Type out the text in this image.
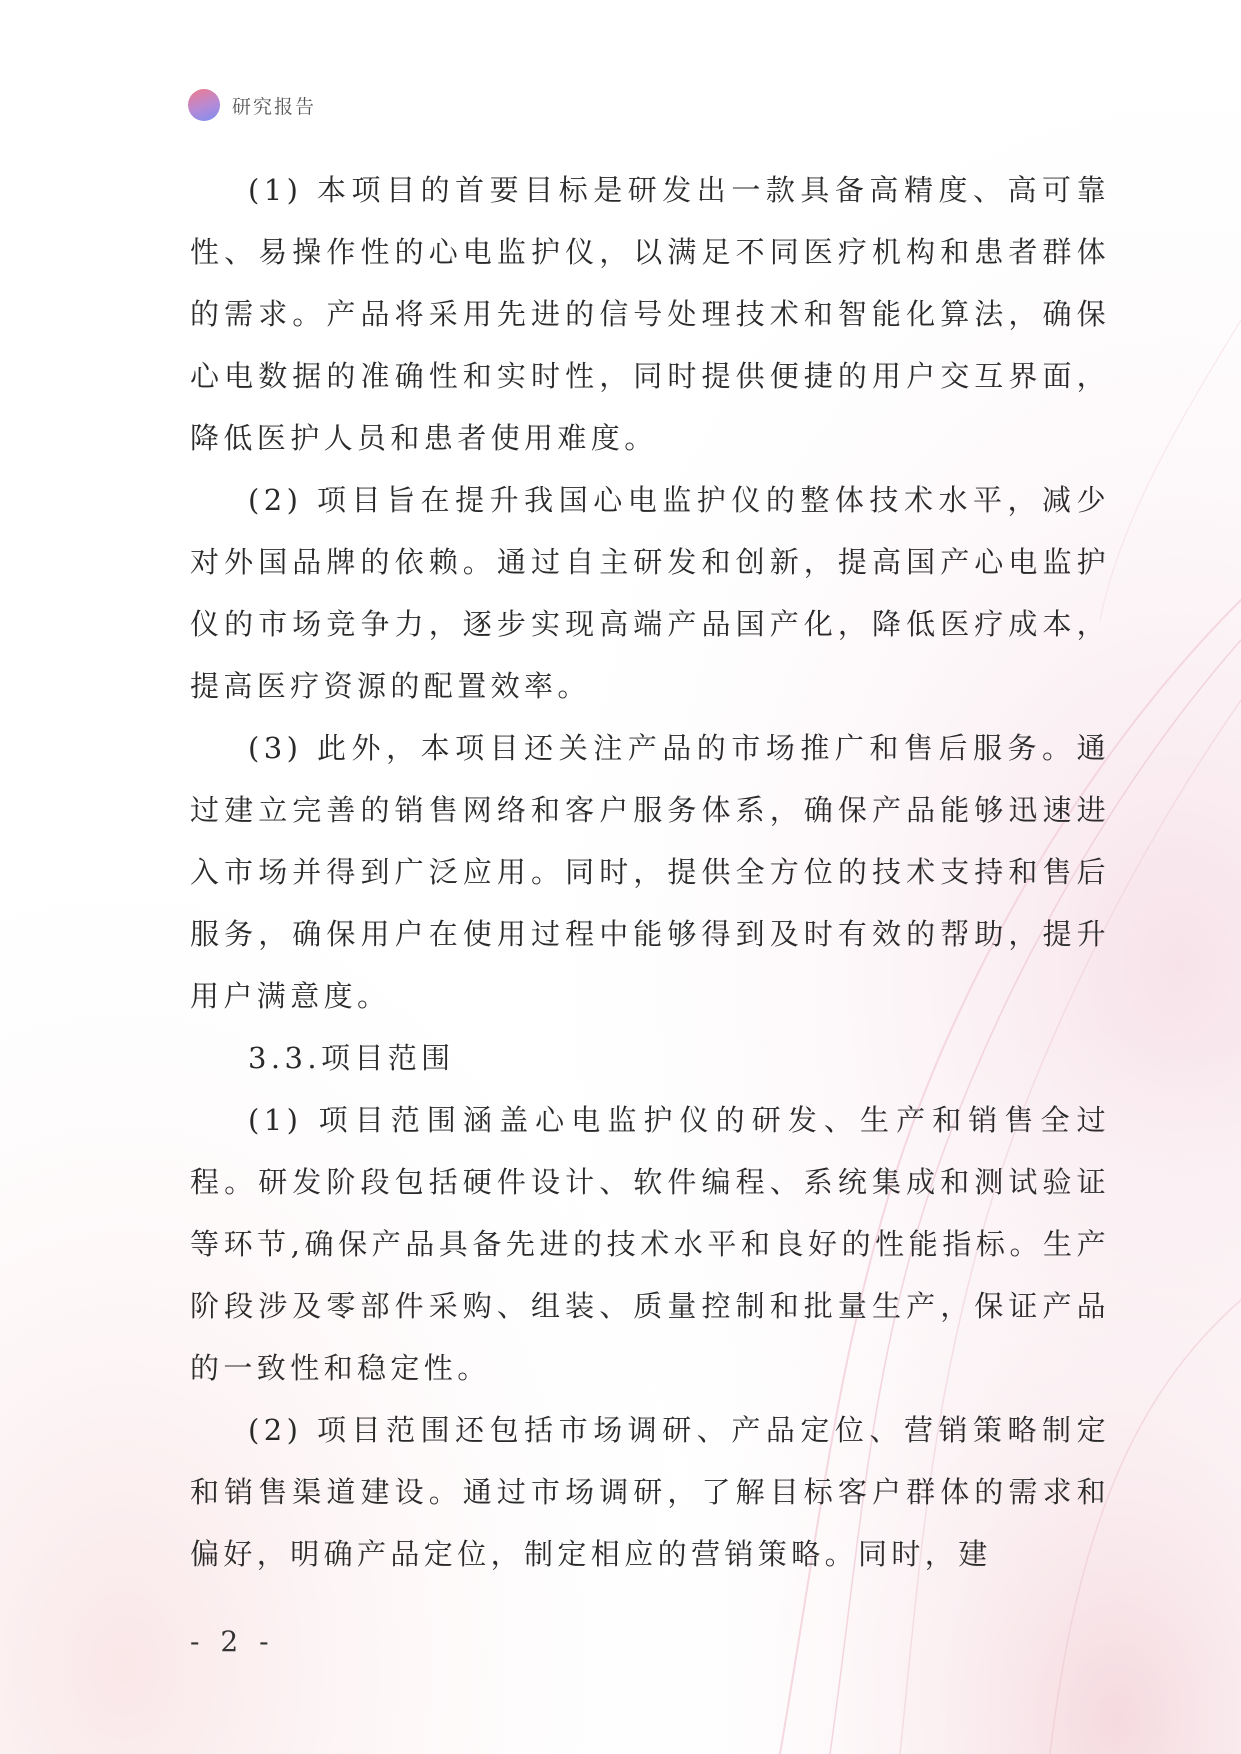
研究报告

(1) 本项目的首要目标是研发出一款具备高精度、高可靠性、易操作性的心电监护仪，以满足不同医疗机构和患者群体的需求。产品将采用先进的信号处理技术和智能化算法，确保心电数据的准确性和实时性，同时提供便捷的用户交互界面，降低医护人员和患者使用难度。

(2) 项目旨在提升我国心电监护仪的整体技术水平，减少对外国品牌的依赖。通过自主研发和创新，提高国产心电监护仪的市场竞争力，逐步实现高端产品国产化，降低医疗成本，提高医疗资源的配置效率。

(3) 此外，本项目还关注产品的市场推广和售后服务。通过建立完善的销售网络和客户服务体系，确保产品能够迅速进入市场并得到广泛应用。同时，提供全方位的技术支持和售后服务，确保用户在使用过程中能够得到及时有效的帮助，提升用户满意度。

3.3.项目范围

(1) 项目范围涵盖心电监护仪的研发、生产和销售全过程。研发阶段包括硬件设计、软件编程、系统集成和测试验证等环节,确保产品具备先进的技术水平和良好的性能指标。生产阶段涉及零部件采购、组装、质量控制和批量生产，保证产品的一致性和稳定性。

(2) 项目范围还包括市场调研、产品定位、营销策略制定和销售渠道建设。通过市场调研，了解目标客户群体的需求和偏好，明确产品定位，制定相应的营销策略。同时，建

- 2 -
